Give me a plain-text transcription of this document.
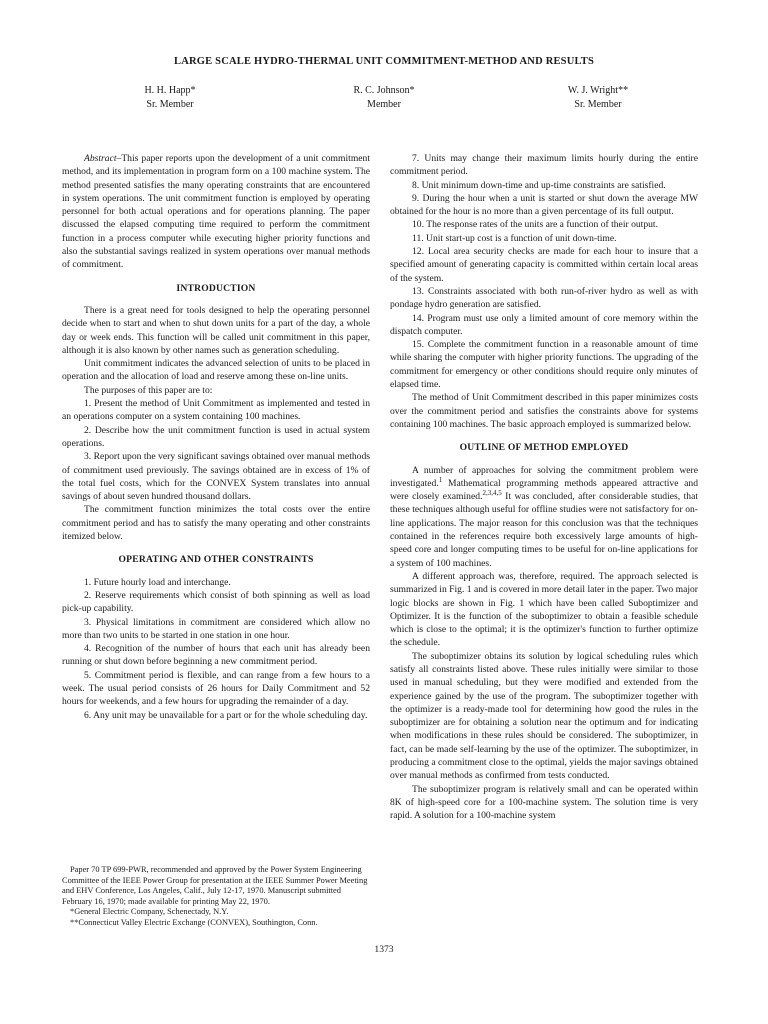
LARGE SCALE HYDRO-THERMAL UNIT COMMITMENT-METHOD AND RESULTS
H. H. Happ*
Sr. Member
R. C. Johnson*
Member
W. J. Wright**
Sr. Member

Abstract–This paper reports upon the development of a unit commitment method, and its implementation in program form on a 100 machine system. The method presented satisfies the many operating constraints that are encountered in system operations. The unit commitment function is employed by operating personnel for both actual operations and for operations planning. The paper discussed the elapsed computing time required to perform the commitment function in a process computer while executing higher priority functions and also the substantial savings realized in system operations over manual methods of commitment.

INTRODUCTION

There is a great need for tools designed to help the operating personnel decide when to start and when to shut down units for a part of the day, a whole day or week ends. This function will be called unit commitment in this paper, although it is also known by other names such as generation scheduling.

Unit commitment indicates the advanced selection of units to be placed in operation and the allocation of load and reserve among these on-line units.

The purposes of this paper are to:

1. Present the method of Unit Commitment as implemented and tested in an operations computer on a system containing 100 machines.

2. Describe how the unit commitment function is used in actual system operations.

3. Report upon the very significant savings obtained over manual methods of commitment used previously. The savings obtained are in excess of 1% of the total fuel costs, which for the CONVEX System translates into annual savings of about seven hundred thousand dollars.

The commitment function minimizes the total costs over the entire commitment period and has to satisfy the many operating and other constraints itemized below.

OPERATING AND OTHER CONSTRAINTS

1. Future hourly load and interchange.

2. Reserve requirements which consist of both spinning as well as load pick-up capability.

3. Physical limitations in commitment are considered which allow no more than two units to be started in one station in one hour.

4. Recognition of the number of hours that each unit has already been running or shut down before beginning a new commitment period.

5. Commitment period is flexible, and can range from a few hours to a week. The usual period consists of 26 hours for Daily Commitment and 52 hours for weekends, and a few hours for upgrading the remainder of a day.

6. Any unit may be unavailable for a part or for the whole scheduling day.

Paper 70 TP 699-PWR, recommended and approved by the Power System Engineering Committee of the IEEE Power Group for presentation at the IEEE Summer Power Meeting and EHV Conference, Los Angeles, Calif., July 12-17, 1970. Manuscript submitted February 16, 1970; made available for printing May 22, 1970.

*General Electric Company, Schenectady, N.Y.

**Connecticut Valley Electric Exchange (CONVEX), Southington, Conn.

7. Units may change their maximum limits hourly during the entire commitment period.

8. Unit minimum down-time and up-time constraints are satisfied.

9. During the hour when a unit is started or shut down the average MW obtained for the hour is no more than a given percentage of its full output.

10. The response rates of the units are a function of their output.

11. Unit start-up cost is a function of unit down-time.

12. Local area security checks are made for each hour to insure that a specified amount of generating capacity is committed within certain local areas of the system.

13. Constraints associated with both run-of-river hydro as well as with pondage hydro generation are satisfied.

14. Program must use only a limited amount of core memory within the dispatch computer.

15. Complete the commitment function in a reasonable amount of time while sharing the computer with higher priority functions. The upgrading of the commitment for emergency or other conditions should require only minutes of elapsed time.

The method of Unit Commitment described in this paper minimizes costs over the commitment period and satisfies the constraints above for systems containing 100 machines. The basic approach employed is summarized below.

OUTLINE OF METHOD EMPLOYED

A number of approaches for solving the commitment problem were investigated.$^1$ Mathematical programming methods appeared attractive and were closely examined.$^{2,3,4,5}$ It was concluded, after considerable studies, that these techniques although useful for offline studies were not satisfactory for on-line applications. The major reason for this conclusion was that the techniques contained in the references require both excessively large amounts of high-speed core and longer computing times to be useful for on-line applications for a system of 100 machines.

A different approach was, therefore, required. The approach selected is summarized in Fig. 1 and is covered in more detail later in the paper. Two major logic blocks are shown in Fig. 1 which have been called Suboptimizer and Optimizer. It is the function of the suboptimizer to obtain a feasible schedule which is close to the optimal; it is the optimizer's function to further optimize the schedule.

The suboptimizer obtains its solution by logical scheduling rules which satisfy all constraints listed above. These rules initially were similar to those used in manual scheduling, but they were modified and extended from the experience gained by the use of the program. The suboptimizer together with the optimizer is a ready-made tool for determining how good the rules in the suboptimizer are for obtaining a solution near the optimum and for indicating when modifications in these rules should be considered. The suboptimizer, in fact, can be made self-learning by the use of the optimizer. The suboptimizer, in producing a commitment close to the optimal, yields the major savings obtained over manual methods as confirmed from tests conducted.

The suboptimizer program is relatively small and can be operated within 8K of high-speed core for a 100-machine system. The solution time is very rapid. A solution for a 100-machine system

1373
